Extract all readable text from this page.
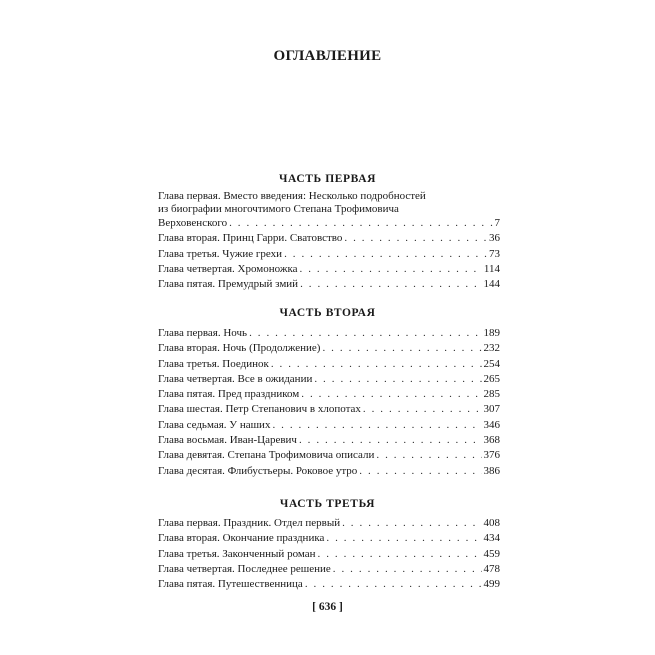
ОГЛАВЛЕНИЕ
ЧАСТЬ ПЕРВАЯ
Глава первая. Вместо введения: Несколько подробностей
из биографии многочтимого Степана Трофимовича
Верховенского . . .	7
Глава вторая. Принц Гарри. Сватовство . . .	36
Глава третья. Чужие грехи . . .	73
Глава четвертая. Хромоножка . . .	114
Глава пятая. Премудрый змий . . .	144
ЧАСТЬ ВТОРАЯ
Глава первая. Ночь . . .	189
Глава вторая. Ночь (Продолжение) . . .	232
Глава третья. Поединок . . .	254
Глава четвертая. Все в ожидании . . .	265
Глава пятая. Пред праздником . . .	285
Глава шестая. Петр Степанович в хлопотах . . .	307
Глава седьмая. У наших . . .	346
Глава восьмая. Иван-Царевич . . .	368
Глава девятая. Степана Трофимовича описали . . .	376
Глава десятая. Флибустьеры. Роковое утро . . .	386
ЧАСТЬ ТРЕТЬЯ
Глава первая. Праздник. Отдел первый . . .	408
Глава вторая. Окончание праздника . . .	434
Глава третья. Законченный роман . . .	459
Глава четвертая. Последнее решение . . .	478
Глава пятая. Путешественница . . .	499
[ 636 ]
